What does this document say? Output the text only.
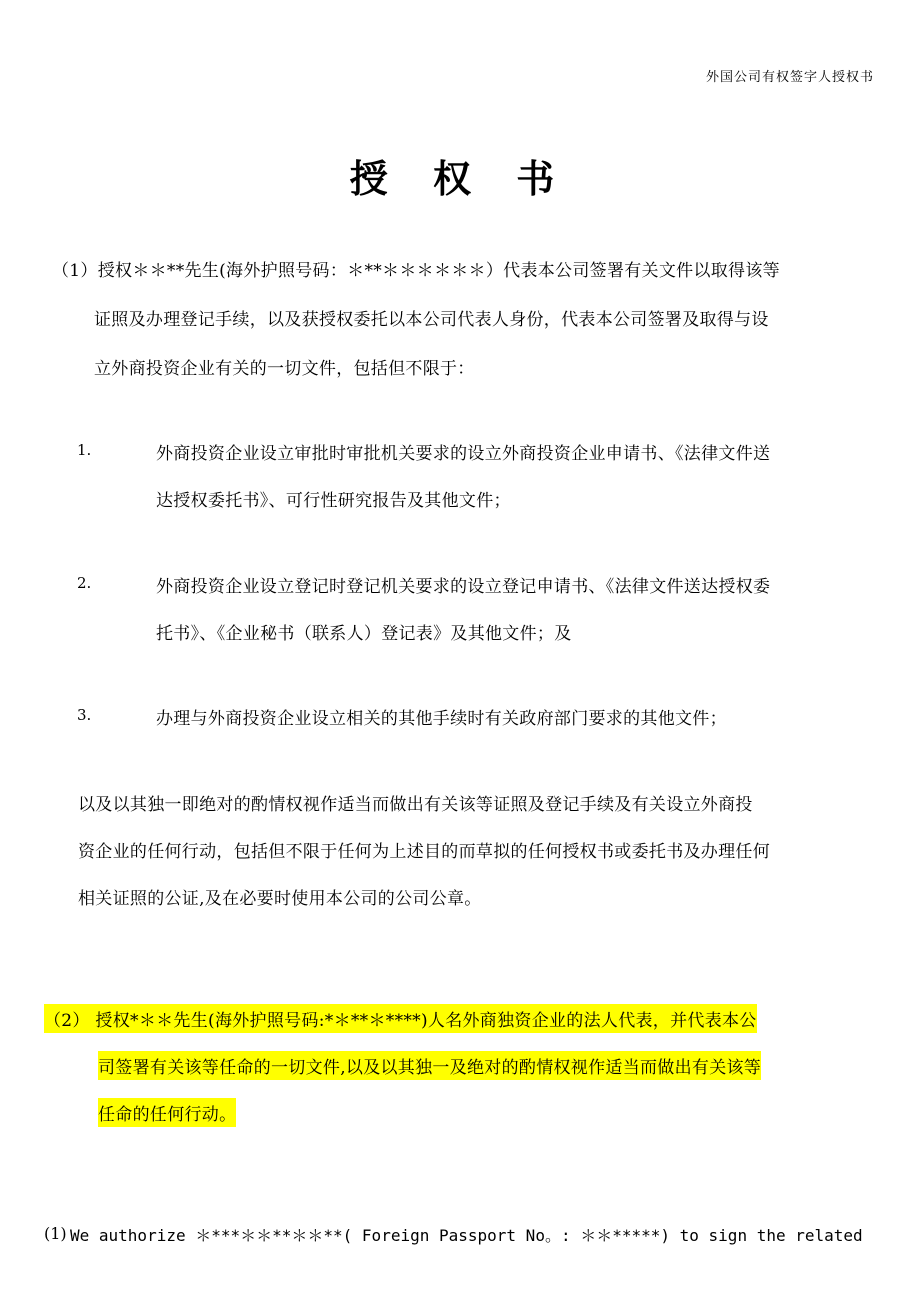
外国公司有权签字人授权书
授 权 书
（1）授权＊＊**先生(海外护照号码：＊**＊＊＊＊＊＊）代表本公司签署有关文件以取得该等
证照及办理登记手续，以及获授权委托以本公司代表人身份，代表本公司签署及取得与设
立外商投资企业有关的一切文件，包括但不限于：
1.	外商投资企业设立审批时审批机关要求的设立外商投资企业申请书、《法律文件送
达授权委托书》、可行性研究报告及其他文件；
2.	外商投资企业设立登记时登记机关要求的设立登记申请书、《法律文件送达授权委
托书》、《企业秘书（联系人）登记表》及其他文件；及
3.	办理与外商投资企业设立相关的其他手续时有关政府部门要求的其他文件；
以及以其独一即绝对的酌情权视作适当而做出有关该等证照及登记手续及有关设立外商投
资企业的任何行动，包括但不限于任何为上述目的而草拟的任何授权书或委托书及办理任何
相关证照的公证,及在必要时使用本公司的公司公章。
（2） 授权*＊＊先生(海外护照号码:*＊**＊****)人名外商独资企业的法人代表，并代表本公
司签署有关该等任命的一切文件,以及以其独一及绝对的酌情权视作适当而做出有关该等
任命的任何行动。
(1) We authorize ＊***＊＊**＊＊**( Foreign Passport No。: ＊＊*****) to sign the related
